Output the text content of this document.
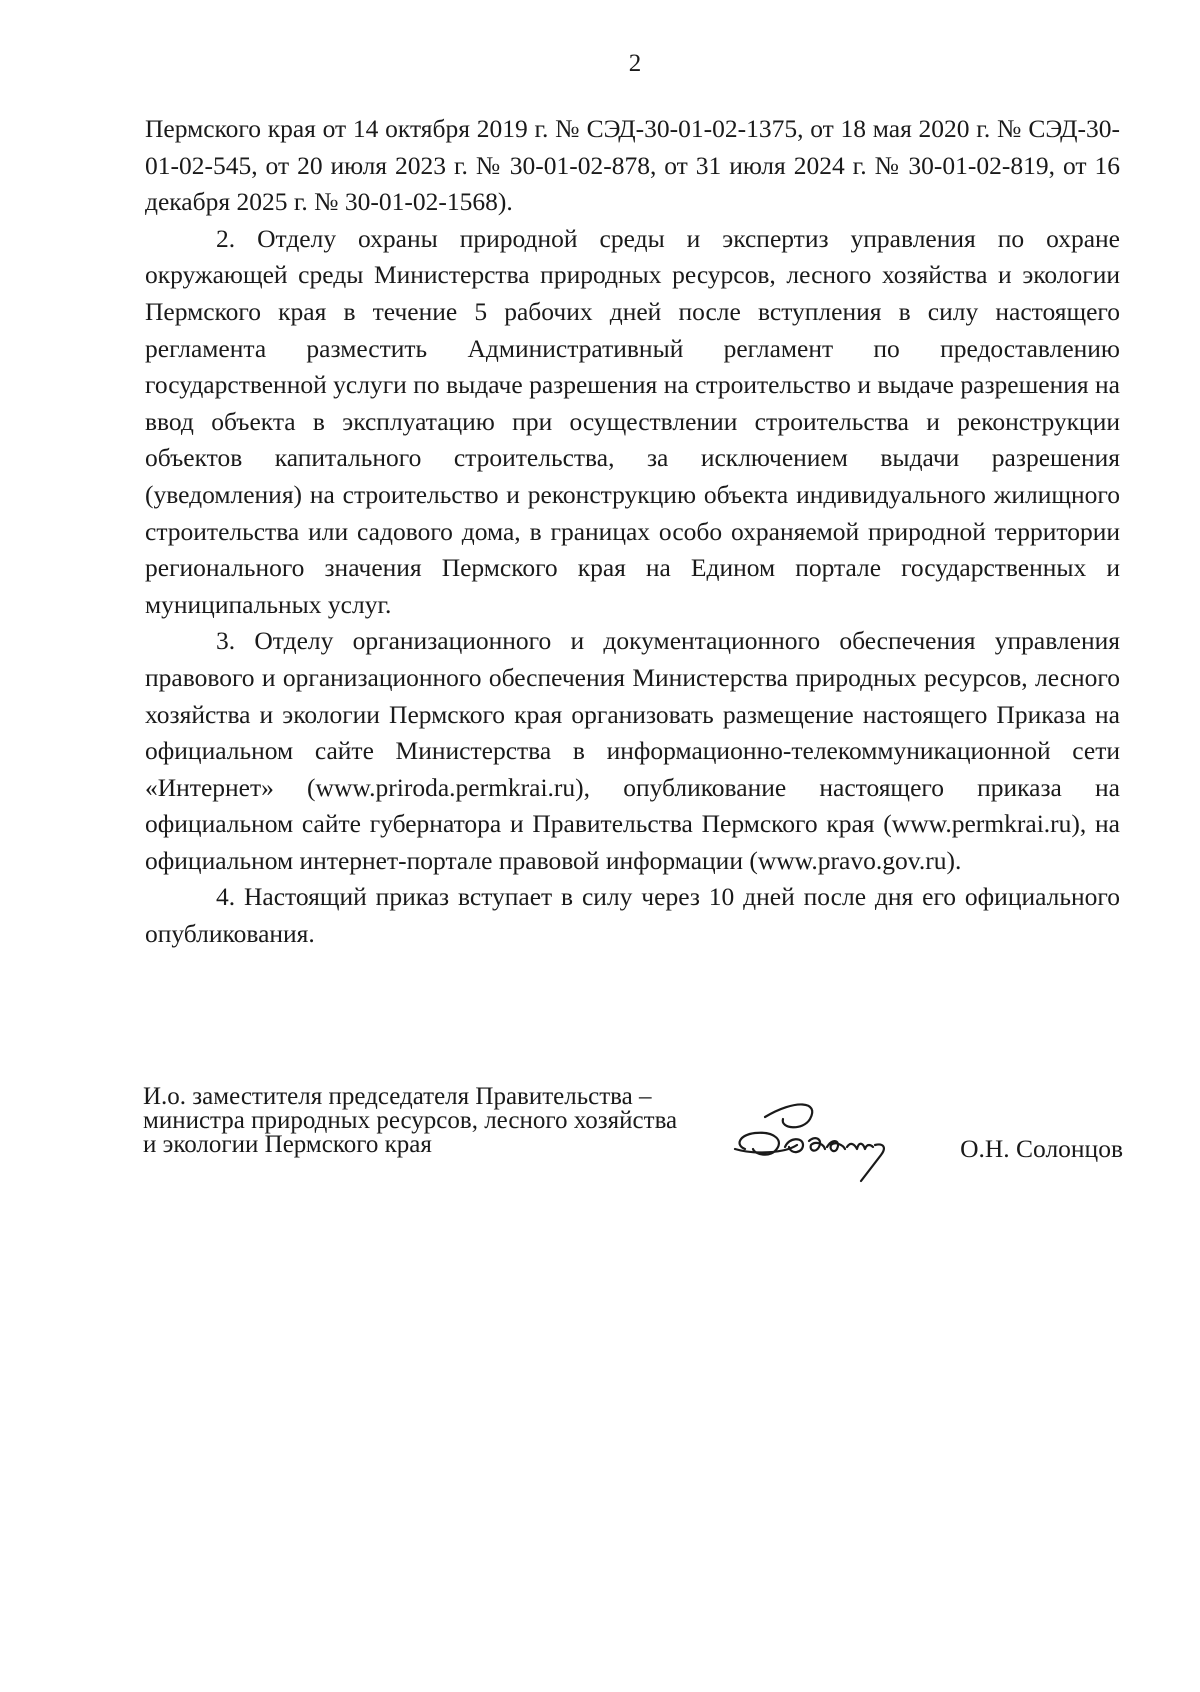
2

Пермского края от 14 октября 2019 г. № СЭД-30-01-02-1375, от 18 мая 2020 г. № СЭД-30-01-02-545, от 20 июля 2023 г. № 30-01-02-878, от 31 июля 2024 г. № 30-01-02-819, от 16 декабря 2025 г. № 30-01-02-1568).

2. Отделу охраны природной среды и экспертиз управления по охране окружающей среды Министерства природных ресурсов, лесного хозяйства и экологии Пермского края в течение 5 рабочих дней после вступления в силу настоящего регламента разместить Административный регламент по предоставлению государственной услуги по выдаче разрешения на строительство и выдаче разрешения на ввод объекта в эксплуатацию при осуществлении строительства и реконструкции объектов капитального строительства, за исключением выдачи разрешения (уведомления) на строительство и реконструкцию объекта индивидуального жилищного строительства или садового дома, в границах особо охраняемой природной территории регионального значения Пермского края на Едином портале государственных и муниципальных услуг.

3. Отделу организационного и документационного обеспечения управления правового и организационного обеспечения Министерства природных ресурсов, лесного хозяйства и экологии Пермского края организовать размещение настоящего Приказа на официальном сайте Министерства в информационно-телекоммуникационной сети «Интернет» (www.priroda.permkrai.ru), опубликование настоящего приказа на официальном сайте губернатора и Правительства Пермского края (www.permkrai.ru), на официальном интернет-портале правовой информации (www.pravo.gov.ru).

4. Настоящий приказ вступает в силу через 10 дней после дня его официального опубликования.

И.о. заместителя председателя Правительства –
министра природных ресурсов, лесного хозяйства
и экологии Пермского края	О.Н. Солонцов
